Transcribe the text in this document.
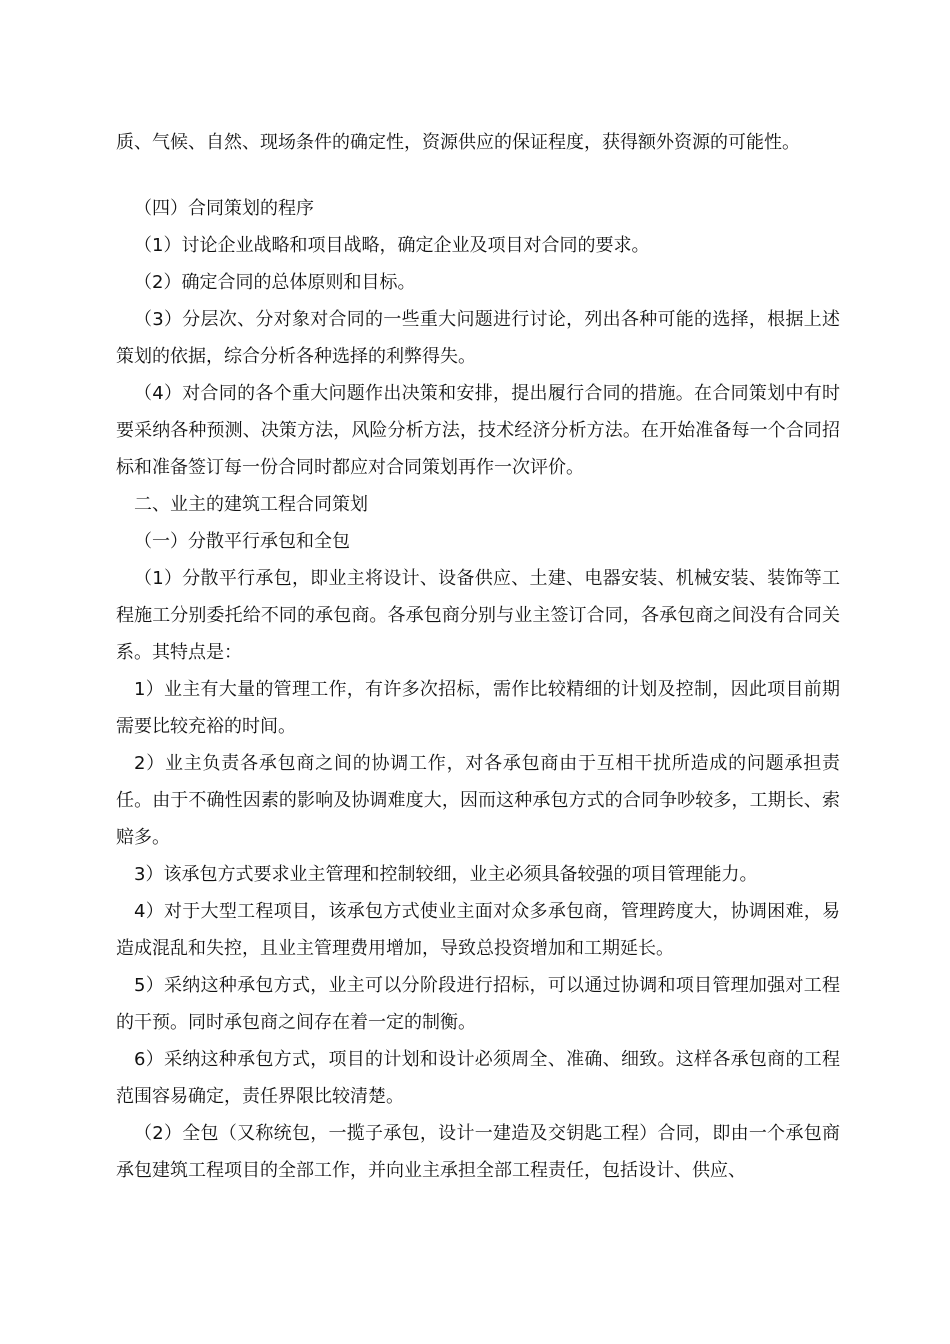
质、气候、自然、现场条件的确定性，资源供应的保证程度，获得额外资源的可能性。

（四）合同策划的程序

（1）讨论企业战略和项目战略，确定企业及项目对合同的要求。

（2）确定合同的总体原则和目标。

（3）分层次、分对象对合同的一些重大问题进行讨论，列出各种可能的选择，根据上述策划的依据，综合分析各种选择的利弊得失。

（4）对合同的各个重大问题作出决策和安排，提出履行合同的措施。在合同策划中有时要采纳各种预测、决策方法，风险分析方法，技术经济分析方法。在开始准备每一个合同招标和准备签订每一份合同时都应对合同策划再作一次评价。

二、业主的建筑工程合同策划

（一）分散平行承包和全包

（1）分散平行承包，即业主将设计、设备供应、土建、电器安装、机械安装、装饰等工程施工分别委托给不同的承包商。各承包商分别与业主签订合同，各承包商之间没有合同关系。其特点是：

1）业主有大量的管理工作，有许多次招标，需作比较精细的计划及控制，因此项目前期需要比较充裕的时间。

2）业主负责各承包商之间的协调工作，对各承包商由于互相干扰所造成的问题承担责任。由于不确性因素的影响及协调难度大，因而这种承包方式的合同争吵较多，工期长、索赔多。

3）该承包方式要求业主管理和控制较细，业主必须具备较强的项目管理能力。

4）对于大型工程项目，该承包方式使业主面对众多承包商，管理跨度大，协调困难，易造成混乱和失控，且业主管理费用增加，导致总投资增加和工期延长。

5）采纳这种承包方式，业主可以分阶段进行招标，可以通过协调和项目管理加强对工程的干预。同时承包商之间存在着一定的制衡。

6）采纳这种承包方式，项目的计划和设计必须周全、准确、细致。这样各承包商的工程范围容易确定，责任界限比较清楚。

（2）全包（又称统包，一揽子承包，设计一建造及交钥匙工程）合同，即由一个承包商承包建筑工程项目的全部工作，并向业主承担全部工程责任，包括设计、供应、
